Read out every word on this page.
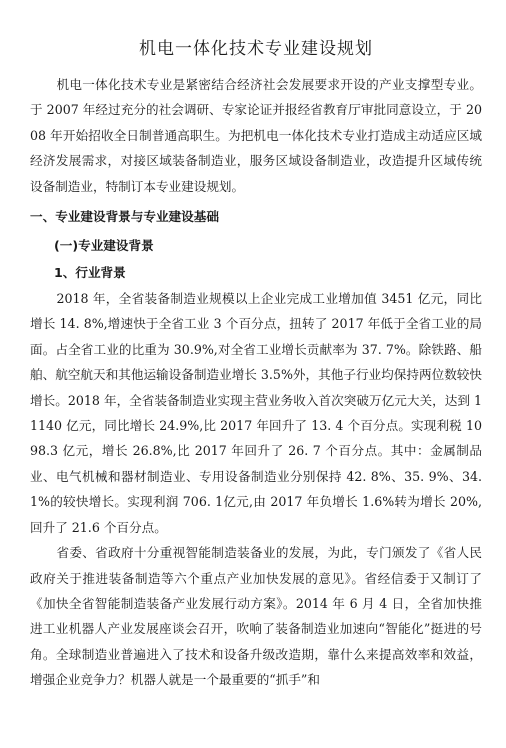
机电一体化技术专业建设规划

机电一体化技术专业是紧密结合经济社会发展要求开设的产业支撑型专业。于 2007 年经过充分的社会调研、专家论证并报经省教育厅审批同意设立，于 2008 年开始招收全日制普通高职生。为把机电一体化技术专业打造成主动适应区域经济发展需求，对接区域装备制造业，服务区域设备制造业，改造提升区域传统设备制造业，特制订本专业建设规划。

一、专业建设背景与专业建设基础
(一)专业建设背景
1、行业背景

2018 年，全省装备制造业规模以上企业完成工业增加值 3451 亿元，同比增长 14. 8%,增速快于全省工业 3 个百分点，扭转了 2017 年低于全省工业的局面。占全省工业的比重为 30.9%,对全省工业增长贡献率为 37. 7%。除铁路、船舶、航空航天和其他运输设备制造业增长 3.5%外，其他子行业均保持两位数较快增长。2018 年，全省装备制造业实现主营业务收入首次突破万亿元大关，达到 11140 亿元，同比增长 24.9%,比 2017 年回升了 13. 4 个百分点。实现利税 1098.3 亿元，增长 26.8%,比 2017 年回升了 26. 7 个百分点。其中：金属制品业、电气机械和器材制造业、专用设备制造业分别保持 42. 8%、35. 9%、34.1%的较快增长。实现利润 706. 1亿元,由 2017 年负增长 1.6%转为增长 20%,回升了 21.6 个百分点。

省委、省政府十分重视智能制造装备业的发展，为此，专门颁发了《省人民政府关于推进装备制造等六个重点产业加快发展的意见》。省经信委于又制订了《加快全省智能制造装备产业发展行动方案》。2014 年 6 月 4 日，全省加快推进工业机器人产业发展座谈会召开，吹响了装备制造业加速向“智能化”挺进的号角。全球制造业普遍进入了技术和设备升级改造期，靠什么来提高效率和效益，增强企业竞争力？机器人就是一个最重要的“抓手”和
